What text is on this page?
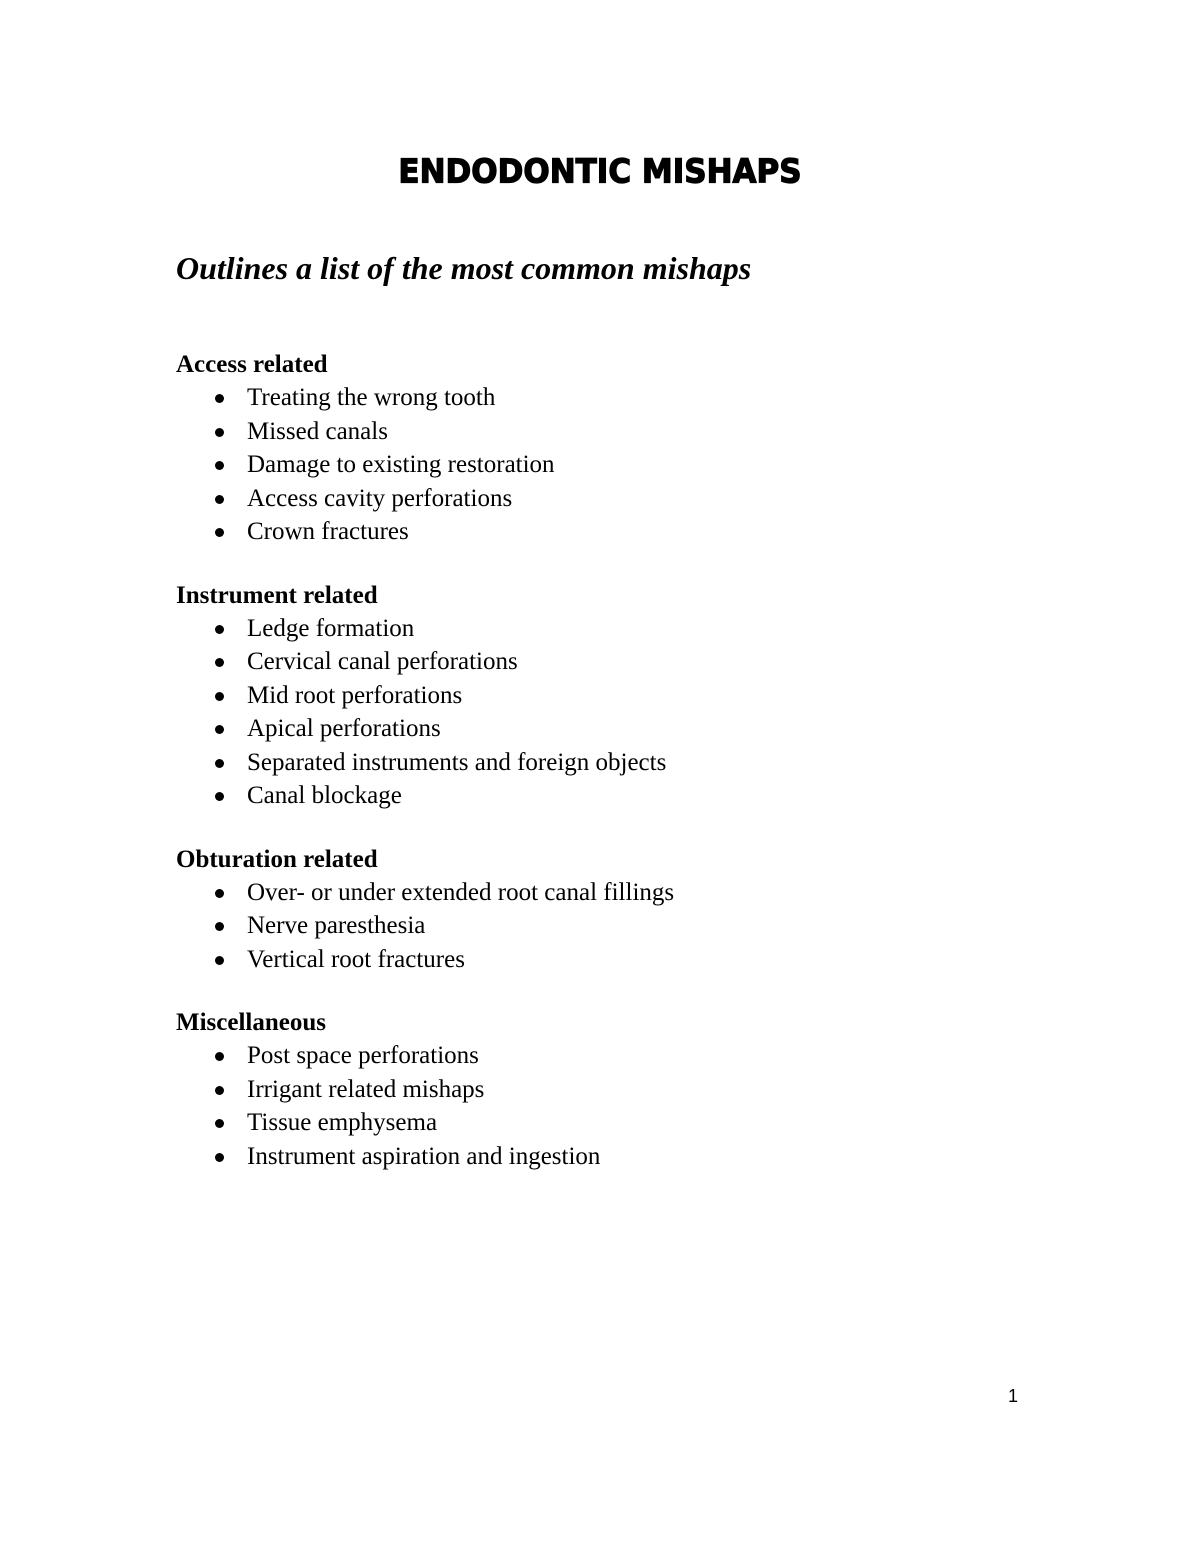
ENDODONTIC MISHAPS
Outlines a list of the most common mishaps
Access related
Treating the wrong tooth
Missed canals
Damage to existing restoration
Access cavity perforations
Crown fractures
Instrument related
Ledge formation
Cervical canal perforations
Mid root perforations
Apical perforations
Separated instruments and foreign objects
Canal blockage
Obturation related
Over- or under extended root canal fillings
Nerve paresthesia
Vertical root fractures
Miscellaneous
Post space perforations
Irrigant related mishaps
Tissue emphysema
Instrument aspiration and ingestion
1
